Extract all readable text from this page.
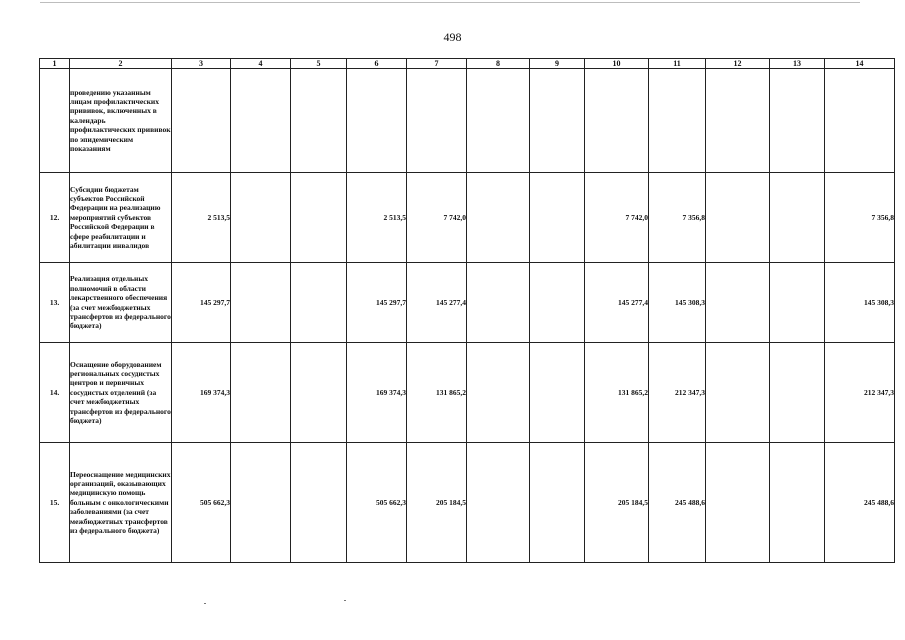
498
1	2	3	4	5	6	7	8	9	10	11	12	13	14
	проведению указанным лицам профилактических прививок, включенных в календарь профилактических прививок по эпидемическим показаниям												
12.	Субсидии бюджетам субъектов Российской Федерации на реализацию мероприятий субъектов Российской Федерации в сфере реабилитации и абилитации инвалидов	2 513,5			2 513,5	7 742,0			7 742,0	7 356,8			7 356,8
13.	Реализация отдельных полномочий в области лекарственного обеспечения (за счет межбюджетных трансфертов из федерального бюджета)	145 297,7			145 297,7	145 277,4			145 277,4	145 308,3			145 308,3
14.	Оснащение оборудованием региональных сосудистых центров и первичных сосудистых отделений (за счет межбюджетных трансфертов из федерального бюджета)	169 374,3			169 374,3	131 865,2			131 865,2	212 347,3			212 347,3
15.	Переоснащение медицинских организаций, оказывающих медицинскую помощь больным с онкологическими заболеваниями (за счет межбюджетных трансфертов из федерального бюджета)	505 662,3			505 662,3	205 184,5			205 184,5	245 488,6			245 488,6
